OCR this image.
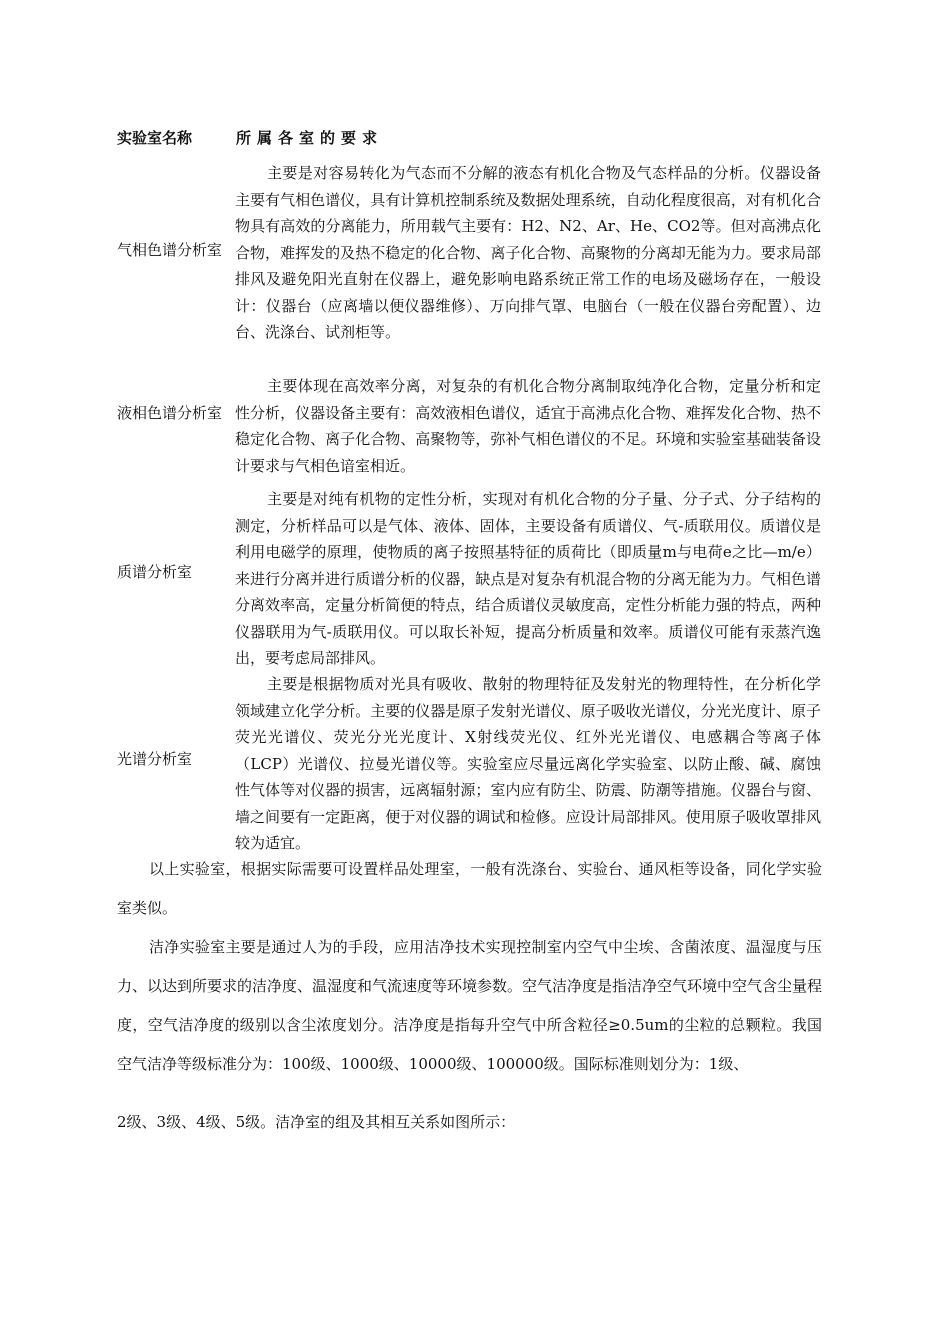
实验室名称	所属各室的要求
气相色谱分析室
主要是对容易转化为气态而不分解的液态有机化合物及气态样品的分析。仪器设备主要有气相色谱仪，具有计算机控制系统及数据处理系统，自动化程度很高，对有机化合物具有高效的分离能力，所用载气主要有：H2、N2、Ar、He、CO2等。但对高沸点化合物，难挥发的及热不稳定的化合物、离子化合物、高聚物的分离却无能为力。要求局部排风及避免阳光直射在仪器上，避免影响电路系统正常工作的电场及磁场存在，一般设计：仪器台（应离墙以便仪器维修）、万向排气罩、电脑台（一般在仪器台旁配置）、边台、洗涤台、试剂柜等。
液相色谱分析室
主要体现在高效率分离，对复杂的有机化合物分离制取纯净化合物，定量分析和定性分析，仪器设备主要有：高效液相色谱仪，适宜于高沸点化合物、难挥发化合物、热不稳定化合物、离子化合物、高聚物等，弥补气相色谱仪的不足。环境和实验室基础装备设计要求与气相色谙室相近。
质谱分析室
主要是对纯有机物的定性分析，实现对有机化合物的分子量、分子式、分子结构的测定，分析样品可以是气体、液体、固体，主要设备有质谱仪、气-质联用仪。质谱仪是利用电磁学的原理，使物质的离子按照基特征的质荷比（即质量m与电荷e之比—m/e）来进行分离并进行质谱分析的仪器，缺点是对复杂有机混合物的分离无能为力。气相色谱分离效率高，定量分析简便的特点，结合质谱仪灵敏度高，定性分析能力强的特点，两种仪器联用为气-质联用仪。可以取长补短，提高分析质量和效率。质谱仪可能有汞蒸汽逸出，要考虑局部排风。
光谱分析室
主要是根据物质对光具有吸收、散射的物理特征及发射光的物理特性，在分析化学领域建立化学分析。主要的仪器是原子发射光谱仪、原子吸收光谱仪，分光光度计、原子荧光光谱仪、荧光分光光度计、X射线荧光仪、红外光光谱仪、电感耦合等离子体（LCP）光谱仪、拉曼光谱仪等。实验室应尽量远离化学实验室、以防止酸、碱、腐蚀性气体等对仪器的损害，远离辐射源；室内应有防尘、防震、防潮等措施。仪器台与窗、墙之间要有一定距离，便于对仪器的调试和检修。应设计局部排风。使用原子吸收罩排风较为适宜。
以上实验室，根据实际需要可设置样品处理室，一般有洗涤台、实验台、通风柜等设备，同化学实验室类似。
洁净实验室主要是通过人为的手段，应用洁净技术实现控制室内空气中尘埃、含菌浓度、温湿度与压力、以达到所要求的洁净度、温湿度和气流速度等环境参数。空气洁净度是指洁净空气环境中空气含尘量程度，空气洁净度的级别以含尘浓度划分。洁净度是指每升空气中所含粒径≥0.5um的尘粒的总颗粒。我国空气洁净等级标准分为：100级、1000级、10000级、100000级。国际标准则划分为：1级、
2级、3级、4级、5级。洁净室的组及其相互关系如图所示：
